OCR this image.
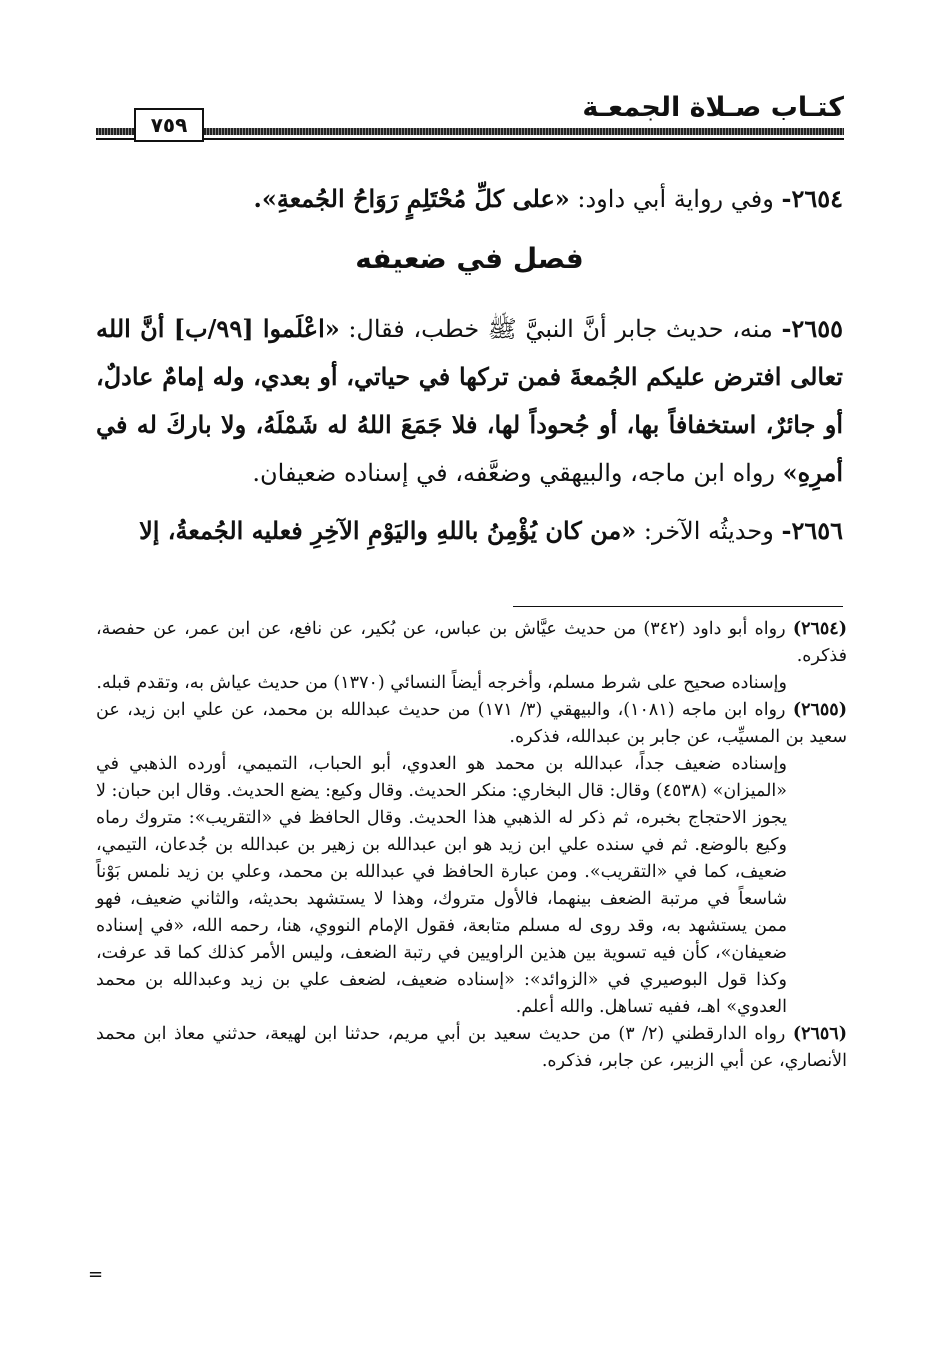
كتـاب صـلاة الجمعـة
٧٥٩

٢٦٥٤- وفي رواية أبي داود: «على كلِّ مُحْتَلِمٍ رَوَاحُ الجُمعةِ».

فصل في ضعيفه

٢٦٥٥- منه، حديث جابر أنَّ النبيَّ ﷺ خطب، فقال: «اعْلَموا [٩٩/ب] أنَّ الله تعالى افترض عليكم الجُمعةَ فمن تركها في حياتي، أو بعدي، وله إمامٌ عادلٌ، أو جائرٌ، استخفافاً بها، أو جُحوداً لها، فلا جَمَعَ اللهُ له شَمْلَهُ، ولا باركَ له في أمرِهِ» رواه ابن ماجه، والبيهقي وضعَّفه، في إسناده ضعيفان.

٢٦٥٦- وحديثُه الآخر: «من كان يُؤْمِنُ باللهِ واليَوْمِ الآخِرِ فعليه الجُمعةُ، إلا

(٢٦٥٤) رواه أبو داود (٣٤٢) من حديث عيَّاش بن عباس، عن بُكير، عن نافع، عن ابن عمر، عن حفصة، فذكره.

وإسناده صحيح على شرط مسلم، وأخرجه أيضاً النسائي (١٣٧٠) من حديث عياش به، وتقدم قبله.

(٢٦٥٥) رواه ابن ماجه (١٠٨١)، والبيهقي (٣/ ١٧١) من حديث عبدالله بن محمد، عن علي ابن زيد، عن سعيد بن المسيِّب، عن جابر بن عبدالله، فذكره.

وإسناده ضعيف جداً، عبدالله بن محمد هو العدوي، أبو الحباب، التميمي، أورده الذهبي في «الميزان» (٤٥٣٨) وقال: قال البخاري: منكر الحديث. وقال وكيع: يضع الحديث. وقال ابن حبان: لا يجوز الاحتجاج بخبره، ثم ذكر له الذهبي هذا الحديث. وقال الحافظ في «التقريب»: متروك رماه وكيع بالوضع. ثم في سنده علي ابن زيد هو ابن عبدالله بن زهير بن عبدالله بن جُدعان، التيمي، ضعيف، كما في «التقريب». ومن عبارة الحافظ في عبدالله بن محمد، وعلي بن زيد نلمس بَوْناً شاسعاً في مرتبة الضعف بينهما، فالأول متروك، وهذا لا يستشهد بحديثه، والثاني ضعيف، فهو ممن يستشهد به، وقد روى له مسلم متابعة، فقول الإمام النووي، هنا، رحمه الله، «في إسناده ضعيفان»، كأن فيه تسوية بين هذين الراويين في رتبة الضعف، وليس الأمر كذلك كما قد عرفت، وكذا قول البوصيري في «الزوائد»: «إسناده ضعيف، لضعف علي بن زيد وعبدالله بن محمد العدوي» اهـ، ففيه تساهل. والله أعلم.

(٢٦٥٦) رواه الدارقطني (٢/ ٣) من حديث سعيد بن أبي مريم، حدثنا ابن لهيعة، حدثني معاذ ابن محمد الأنصاري، عن أبي الزبير، عن جابر، فذكره.

=
